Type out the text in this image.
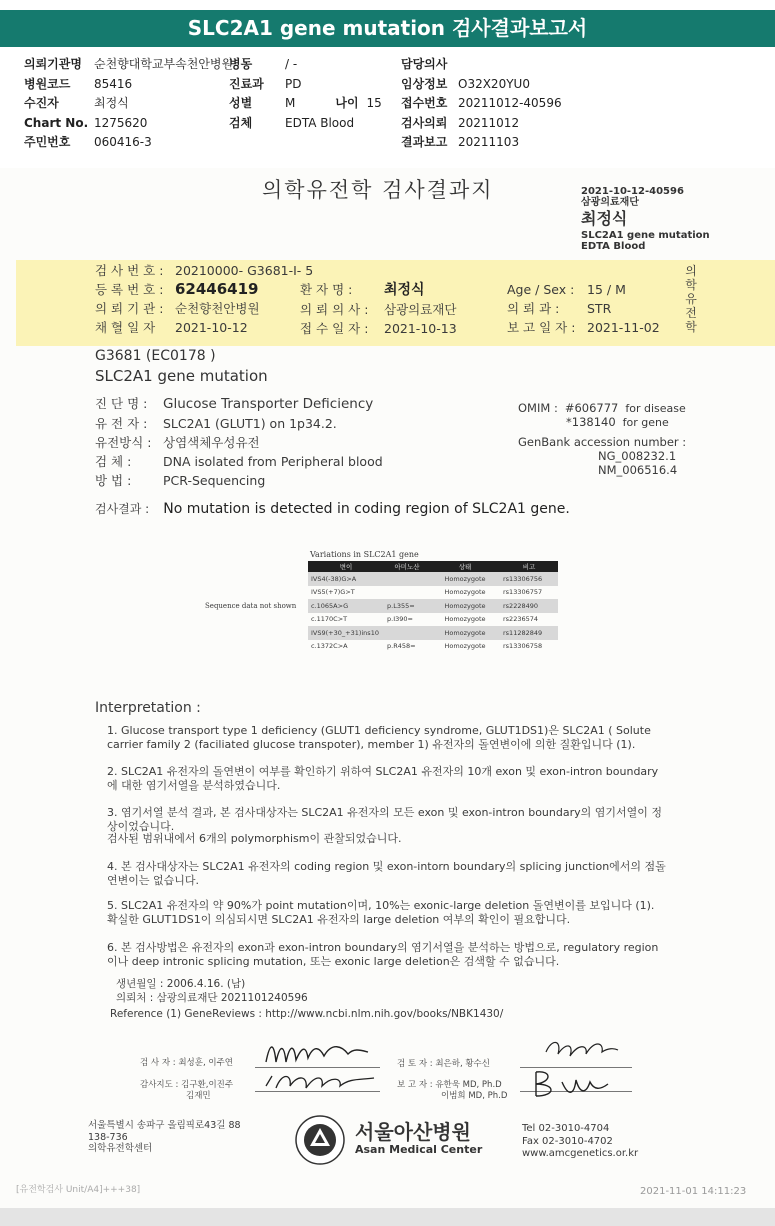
SLC2A1 gene mutation 검사결과보고서
의뢰기관명 순천향대학교부속천안병원
병원코드 85416
수진자	최정식
Chart No. 1275620
주민번호 060416-3
병동	/ -
진료과 PD
성별	M	나이 15
검체	EDTA Blood
담당의사
임상정보 O32X20YU0
접수번호 20211012-40596
검사의뢰 20211012
결과보고 20211103
의학유전학 검사결과지	2021-10-12-40596
삼광의료재단
최정식
SLC2A1 gene mutation
EDTA Blood
검 사 번 호 : 20210000- G3681-I- 5
등 록 번 호 : 62446419
의 뢰 기 관 : 순천향천안병원
채 혈 일 자 2021-10-12

환 자 명 : 최정식
의 뢰 의 사 : 삼광의료재단
접 수 일 자 : 2021-10-13

Age / Sex : 15 / M
의 뢰 과 : STR
보 고 일 자 : 2021-11-02
의학유전학
G3681 (EC0178 )
SLC2A1 gene mutation
진 단 명 : Glucose Transporter Deficiency
유 전 자 : SLC2A1 (GLUT1) on 1p34.2.
유전방식 : 상염색체우성유전
검 체 :	DNA isolated from Peripheral blood
방 법 :	PCR-Sequencing
OMIM : #606777 for disease
*138140 for gene
GenBank accession number :
NG_008232.1
NM_006516.4
검사결과 : No mutation is detected in coding region of SLC2A1 gene.
Variations in SLC2A1 gene
Sequence data not shown
변이	아미노산	상태	비고
IVS4(-38)G>A		Homozygote	rs13306756
IVS5(+7)G>T		Homozygote	rs13306757
c.1065A>G	p.L355=	Homozygote	rs2228490
c.1170C>T	p.I390=	Homozygote	rs2236574
IVS9(+30_+31)ins10		Homozygote	rs11282849
c.1372C>A	p.R458=	Homozygote	rs13306758
Interpretation :
1. Glucose transport type 1 deficiency (GLUT1 deficiency syndrome, GLUT1DS1)은 SLC2A1 ( Solute carrier family 2 (faciliated glucose transpoter), member 1) 유전자의 돌연변이에 의한 질환입니다 (1).
2. SLC2A1 유전자의 돌연변이 여부를 확인하기 위하여 SLC2A1 유전자의 10개 exon 및 exon-intron boundary에 대한 염기서열을 분석하였습니다.
3. 염기서열 분석 결과, 본 검사대상자는 SLC2A1 유전자의 모든 exon 및 exon-intron boundary의 염기서열이 정상이었습니다.
검사된 범위내에서 6개의 polymorphism이 관찰되었습니다.
4. 본 검사대상자는 SLC2A1 유전자의 coding region 및 exon-intorn boundary의 splicing junction에서의 점돌연변이는 없습니다.
5. SLC2A1 유전자의 약 90%가 point mutation이며, 10%는 exonic-large deletion 돌연변이를 보입니다 (1). 확실한 GLUT1DS1이 의심되시면 SLC2A1 유전자의 large deletion 여부의 확인이 필요합니다.
6. 본 검사방법은 유전자의 exon과 exon-intron boundary의 염기서열을 분석하는 방법으로, regulatory region이나 deep intronic splicing mutation, 또는 exonic large deletion은 검색할 수 없습니다.
생년월일 : 2006.4.16. (남)
의뢰처 : 삼광의료재단 2021101240596
Reference (1) GeneReviews : http://www.ncbi.nlm.nih.gov/books/NBK1430/
검 사 자 : 최성훈, 이주연	검 토 자 : 최은하, 황수신
감사지도 : 김구환,이진주
김재민
보 고 자 : 유한욱 MD, Ph.D
이범희 MD, Ph.D
서울특별시 송파구 올림픽로43길 88
138-736
의학유전학센터
서울아산병원
Asan Medical Center
Tel 02-3010-4704
Fax 02-3010-4702
www.amcgenetics.or.kr
[유전학검사 Unit/A4]+++38]	2021-11-01 14:11:23
